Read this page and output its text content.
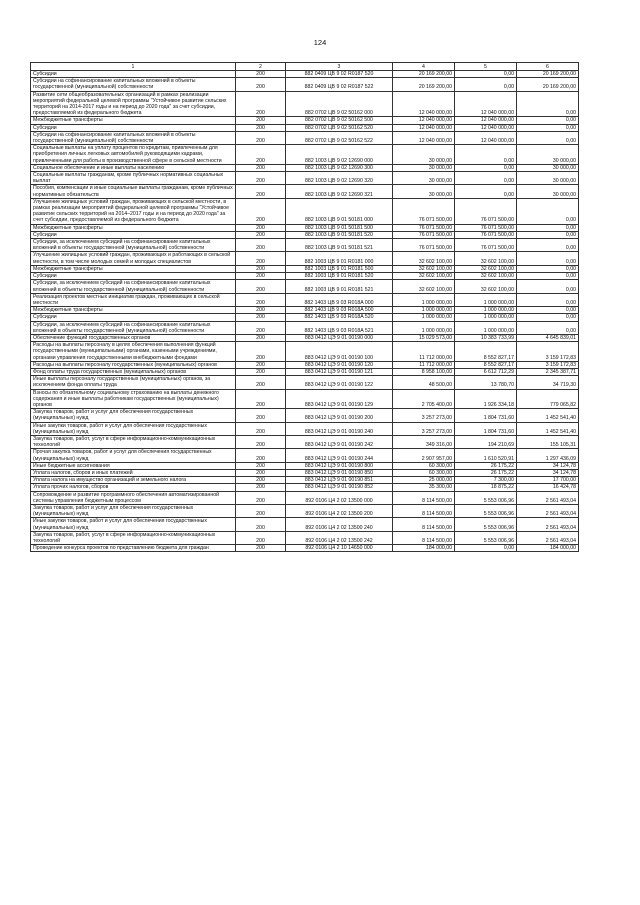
124
1	2	3	4	5	6
Субсидии	200	882 0409 ЦВ 9 02 R0187 520	20 169 200,00	0,00	20 169 200,00
Субсидии на софинансирование капитальных вложений в объекты государственной (муниципальной) собственности	200	882 0409 ЦВ 9 02 R0187 522	20 169 200,00	0,00	20 169 200,00
Развитие сети общеобразовательных организаций в рамках реализации мероприятий федеральной целевой программы "Устойчивое развитие сельских территорий на 2014-2017 годы и на период до 2020 года" за счет субсидии, предоставляемой из федерального бюджета	200	882 0702 ЦВ 9 02 50162 000	12 040 000,00	12 040 000,00	0,00
Межбюджетные трансферты	200	882 0702 ЦВ 9 02 50162 500	12 040 000,00	12 040 000,00	0,00
Субсидии	200	882 0702 ЦВ 9 02 50162 520	12 040 000,00	12 040 000,00	0,00
Субсидии на софинансирование капитальных вложений в объекты государственной (муниципальной) собственности	200	882 0702 ЦВ 9 02 50162 522	12 040 000,00	12 040 000,00	0,00
Социальные выплаты на уплату процентов по кредитам, привлеченным для приобретения личных легковых автомобилей руководящими кадрами, привлеченными для работы в производственной сфере в сельской местности	200	882 1003 ЦВ 9 02 12690 000	30 000,00	0,00	30 000,00
Социальное обеспечение и иные выплаты населению	200	882 1003 ЦВ 9 02 12690 300	30 000,00	0,00	30 000,00
Социальные выплаты гражданам, кроме публичных нормативных социальных выплат	200	882 1003 ЦВ 9 02 12690 320	30 000,00	0,00	30 000,00
Пособия, компенсации и иные социальные выплаты гражданам, кроме публичных нормативных обязательств	200	882 1003 ЦВ 9 02 12690 321	30 000,00	0,00	30 000,00
Улучшение жилищных условий граждан, проживающих в сельской местности, в рамках реализации мероприятий федеральной целевой программы "Устойчивое развитие сельских территорий на 2014–2017 годы и на период до 2020 года" за счет субсидии, предоставляемой из федерального бюджета	200	882 1003 ЦВ 9 01 50181 000	76 071 500,00	76 071 500,00	0,00
Межбюджетные трансферты	200	882 1003 ЦВ 9 01 50181 500	76 071 500,00	76 071 500,00	0,00
Субсидии	200	882 1003 ЦВ 9 01 50181 520	76 071 500,00	76 071 500,00	0,00
Субсидии, за исключением субсидий на софинансирование капитальных вложений в объекты государственной (муниципальной) собственности	200	882 1003 ЦВ 9 01 50181 521	76 071 500,00	76 071 500,00	0,00
Улучшение жилищных условий граждан, проживающих и работающих в сельской местности, в том числе молодых семей и молодых специалистов	200	882 1003 ЦВ 9 01 R0181 000	32 602 100,00	32 602 100,00	0,00
Межбюджетные трансферты	200	882 1003 ЦВ 9 01 R0181 500	32 602 100,00	32 602 100,00	0,00
Субсидии	200	882 1003 ЦВ 9 01 R0181 520	32 602 100,00	32 602 100,00	0,00
Субсидии, за исключением субсидий на софинансирование капитальных вложений в объекты государственной (муниципальной) собственности	200	882 1003 ЦВ 9 01 R0181 521	32 602 100,00	32 602 100,00	0,00
Реализация проектов местных инициатив граждан, проживающих в сельской местности	200	882 1403 ЦВ 9 03 R018A 000	1 000 000,00	1 000 000,00	0,00
Межбюджетные трансферты	200	882 1403 ЦВ 9 03 R018A 500	1 000 000,00	1 000 000,00	0,00
Субсидии	200	882 1403 ЦВ 9 03 R018A 520	1 000 000,00	1 000 000,00	0,00
Субсидии, за исключением субсидий на софинансирование капитальных вложений в объекты государственной (муниципальной) собственности	200	882 1403 ЦВ 9 03 R018A 521	1 000 000,00	1 000 000,00	0,00
Обеспечение функций государственных органов	200	883 0412 ЦЭ 9 01 00190 000	15 029 573,00	10 383 733,99	4 645 839,01
Расходы на выплаты персоналу в целях обеспечения выполнения функций государственными (муниципальными) органами, казенными учреждениями, органами управления государственными внебюджетными фондами	200	883 0412 ЦЭ 9 01 00190 100	11 712 000,00	8 552 827,17	3 159 172,83
Расходы на выплаты персоналу государственных (муниципальных) органов	200	883 0412 ЦЭ 9 01 00190 120	11 712 000,00	8 552 827,17	3 159 172,83
Фонд оплаты труда государственных (муниципальных) органов	200	883 0412 ЦЭ 9 01 00190 121	8 958 100,00	6 612 712,29	2 345 387,71
Иные выплаты персоналу государственных (муниципальных) органов, за исключением фонда оплаты труда	200	883 0412 ЦЭ 9 01 00190 122	48 500,00	13 780,70	34 719,30
Взносы по обязательному социальному страхованию на выплаты денежного содержания и иные выплаты работникам государственных (муниципальных) органов	200	883 0412 ЦЭ 9 01 00190 129	2 705 400,00	1 926 334,18	779 065,82
Закупка товаров, работ и услуг для обеспечения государственных (муниципальных) нужд	200	883 0412 ЦЭ 9 01 00190 200	3 257 273,00	1 804 731,60	1 452 541,40
Иные закупки товаров, работ и услуг для обеспечения государственных (муниципальных) нужд	200	883 0412 ЦЭ 9 01 00190 240	3 257 273,00	1 804 731,60	1 452 541,40
Закупка товаров, работ, услуг в сфере информационно-коммуникационных технологий	200	883 0412 ЦЭ 9 01 00190 242	349 316,00	194 210,69	155 105,31
Прочая закупка товаров, работ и услуг для обеспечения государственных (муниципальных) нужд	200	883 0412 ЦЭ 9 01 00190 244	2 907 957,00	1 610 520,91	1 297 436,09
Иные бюджетные ассигнования	200	883 0412 ЦЭ 9 01 00190 800	60 300,00	26 175,22	34 124,78
Уплата налогов, сборов и иных платежей	200	883 0412 ЦЭ 9 01 00190 850	60 300,00	26 175,22	34 124,78
Уплата налога на имущество организаций и земельного налога	200	883 0412 ЦЭ 9 01 00190 851	25 000,00	7 300,00	17 700,00
Уплата прочих налогов, сборов	200	883 0412 ЦЭ 9 01 00190 852	35 300,00	18 875,22	16 424,78
Сопровождение и развитие программного обеспечения автоматизированной системы управления бюджетным процессом	200	892 0106 Ц4 2 02 13500 000	8 114 500,00	5 553 006,96	2 561 493,04
Закупка товаров, работ и услуг для обеспечения государственных (муниципальных) нужд	200	892 0106 Ц4 2 02 13500 200	8 114 500,00	5 553 006,96	2 561 493,04
Иные закупки товаров, работ и услуг для обеспечения государственных (муниципальных) нужд	200	892 0106 Ц4 2 02 13500 240	8 114 500,00	5 553 006,96	2 561 493,04
Закупка товаров, работ, услуг в сфере информационно-коммуникационных технологий	200	892 0106 Ц4 2 02 13500 242	8 114 500,00	5 553 006,96	2 561 493,04
Проведение конкурса проектов по представлению бюджета для граждан	200	892 0106 Ц4 2 10 14650 000	184 000,00	0,00	184 000,00
